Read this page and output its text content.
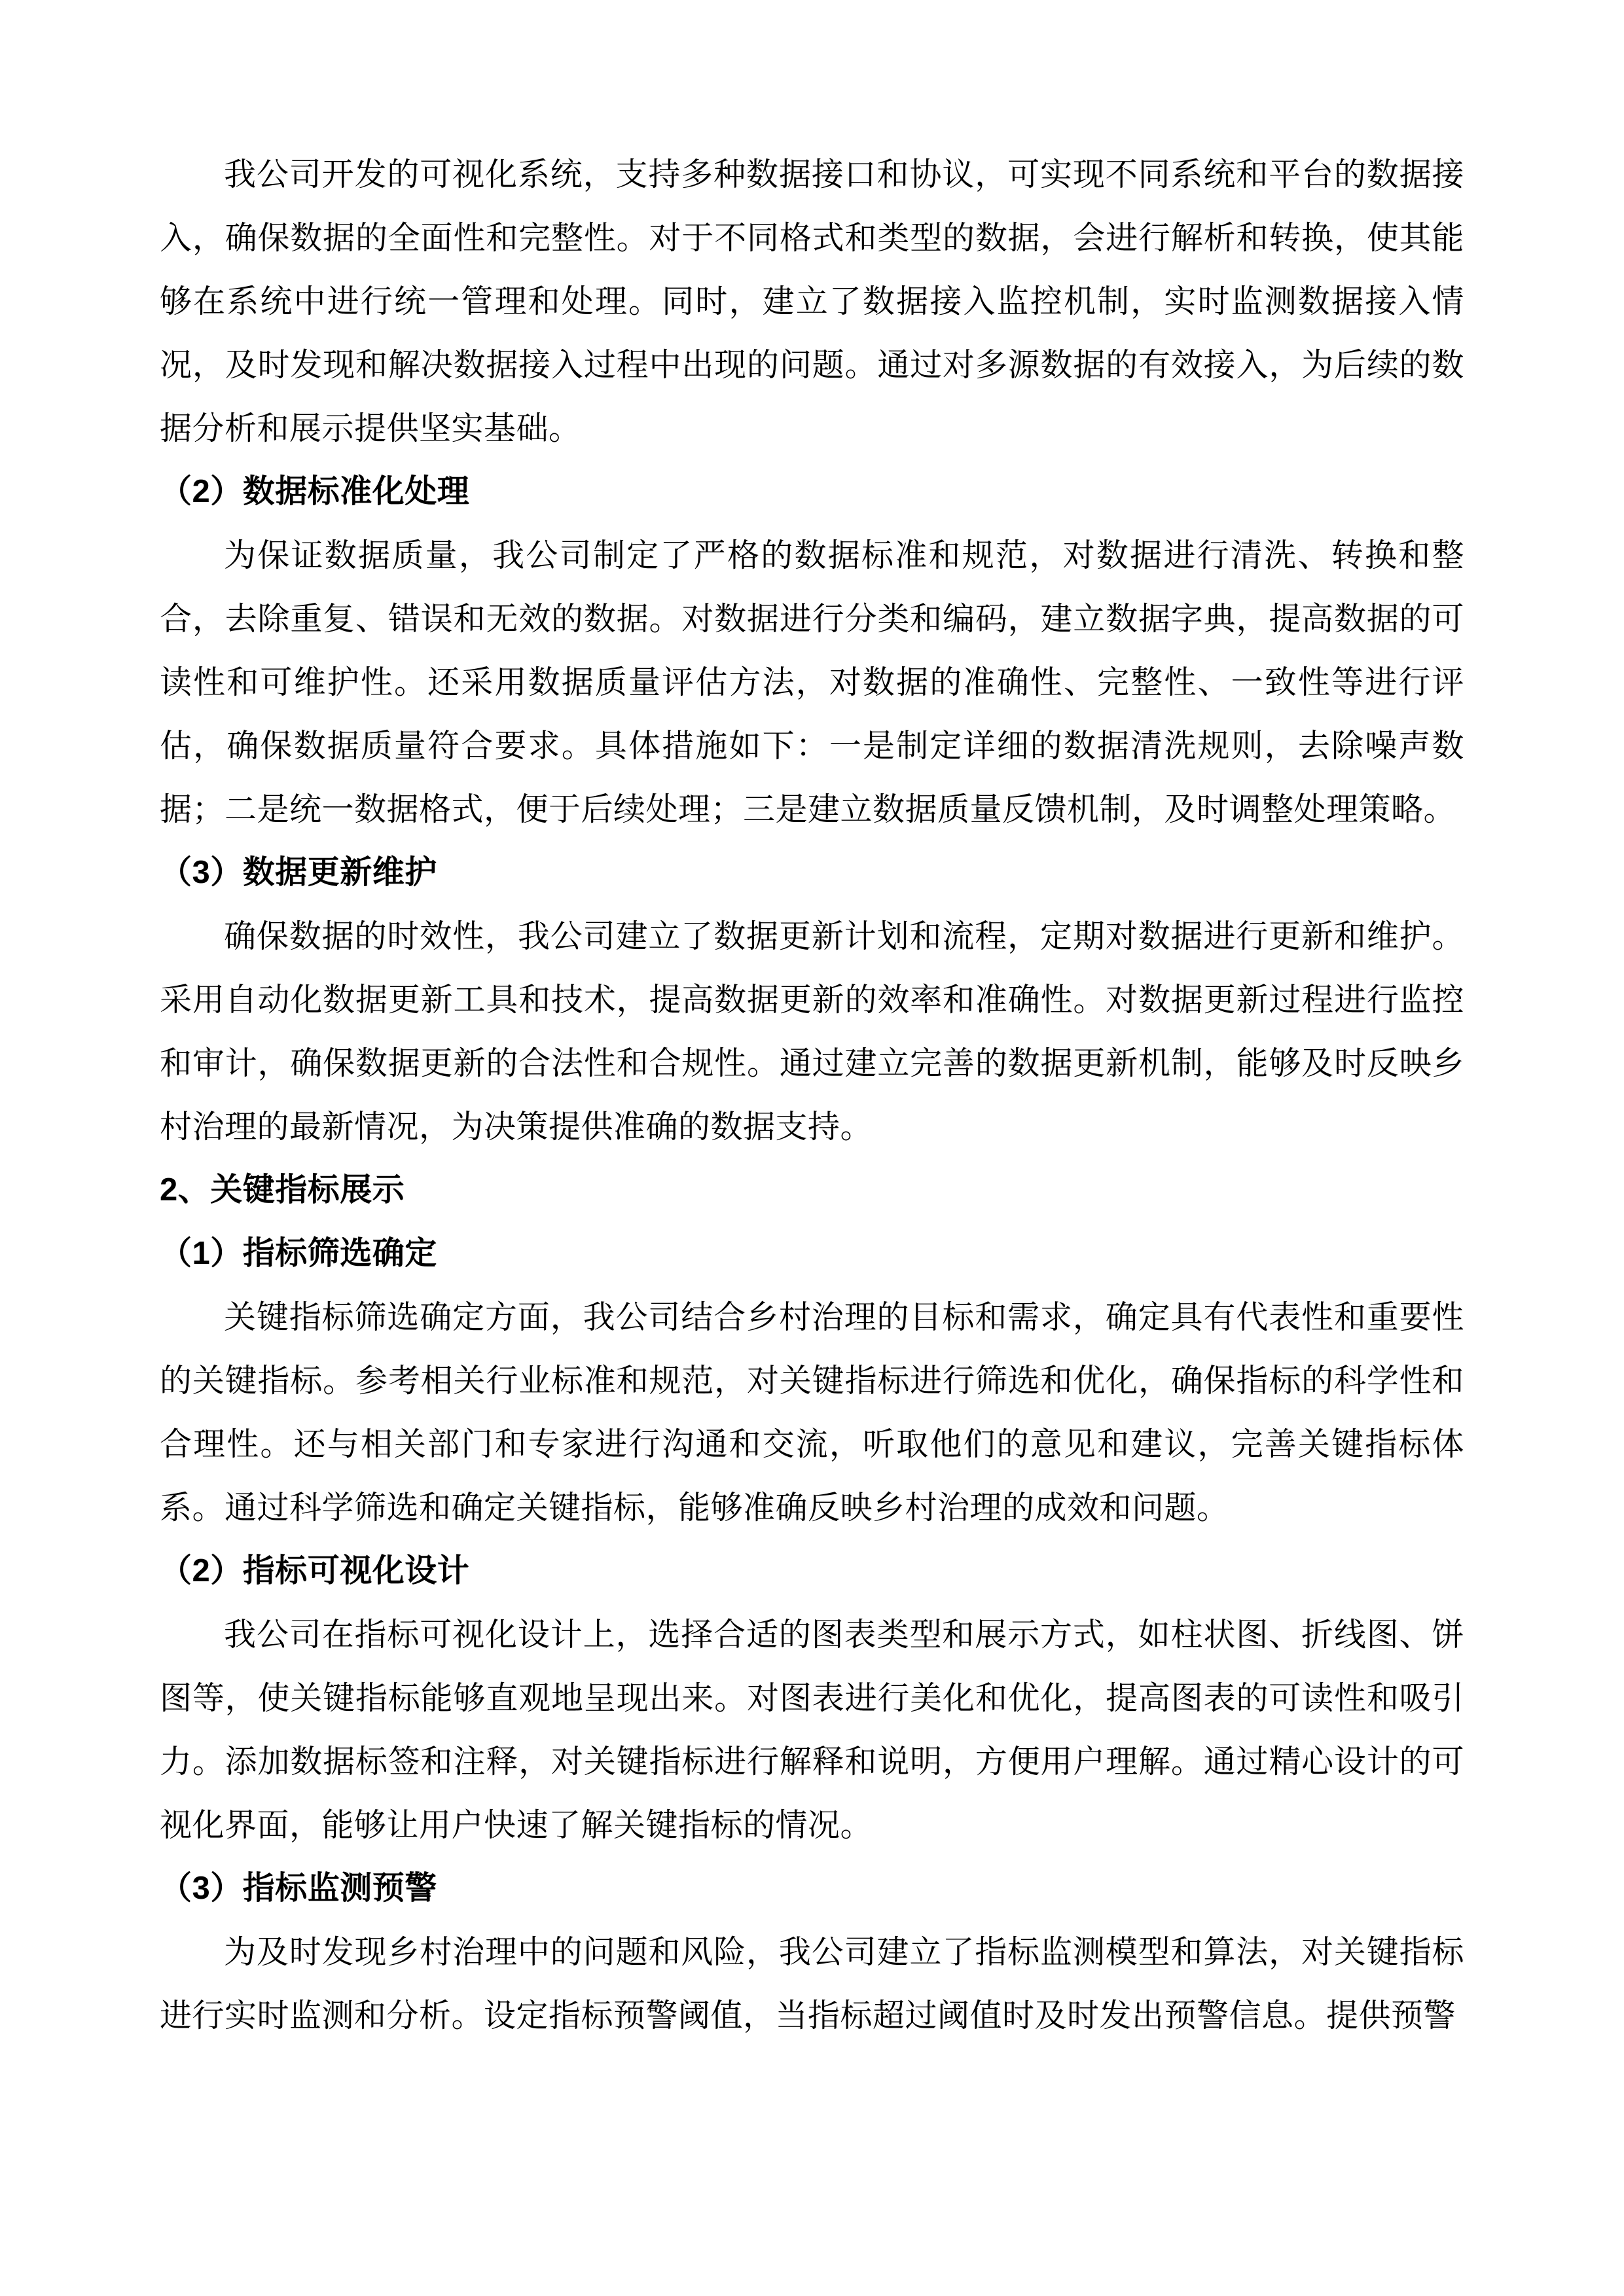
我公司开发的可视化系统，支持多种数据接口和协议，可实现不同系统和平台的数据接入，确保数据的全面性和完整性。对于不同格式和类型的数据，会进行解析和转换，使其能够在系统中进行统一管理和处理。同时，建立了数据接入监控机制，实时监测数据接入情况，及时发现和解决数据接入过程中出现的问题。通过对多源数据的有效接入，为后续的数据分析和展示提供坚实基础。

（2）数据标准化处理

为保证数据质量，我公司制定了严格的数据标准和规范，对数据进行清洗、转换和整合，去除重复、错误和无效的数据。对数据进行分类和编码，建立数据字典，提高数据的可读性和可维护性。还采用数据质量评估方法，对数据的准确性、完整性、一致性等进行评估，确保数据质量符合要求。具体措施如下：一是制定详细的数据清洗规则，去除噪声数据；二是统一数据格式，便于后续处理；三是建立数据质量反馈机制，及时调整处理策略。

（3）数据更新维护

确保数据的时效性，我公司建立了数据更新计划和流程，定期对数据进行更新和维护。采用自动化数据更新工具和技术，提高数据更新的效率和准确性。对数据更新过程进行监控和审计，确保数据更新的合法性和合规性。通过建立完善的数据更新机制，能够及时反映乡村治理的最新情况，为决策提供准确的数据支持。

2、关键指标展示
（1）指标筛选确定

关键指标筛选确定方面，我公司结合乡村治理的目标和需求，确定具有代表性和重要性的关键指标。参考相关行业标准和规范，对关键指标进行筛选和优化，确保指标的科学性和合理性。还与相关部门和专家进行沟通和交流，听取他们的意见和建议，完善关键指标体系。通过科学筛选和确定关键指标，能够准确反映乡村治理的成效和问题。

（2）指标可视化设计

我公司在指标可视化设计上，选择合适的图表类型和展示方式，如柱状图、折线图、饼图等，使关键指标能够直观地呈现出来。对图表进行美化和优化，提高图表的可读性和吸引力。添加数据标签和注释，对关键指标进行解释和说明，方便用户理解。通过精心设计的可视化界面，能够让用户快速了解关键指标的情况。

（3）指标监测预警

为及时发现乡村治理中的问题和风险，我公司建立了指标监测模型和算法，对关键指标进行实时监测和分析。设定指标预警阈值，当指标超过阈值时及时发出预警信息。提供预警
